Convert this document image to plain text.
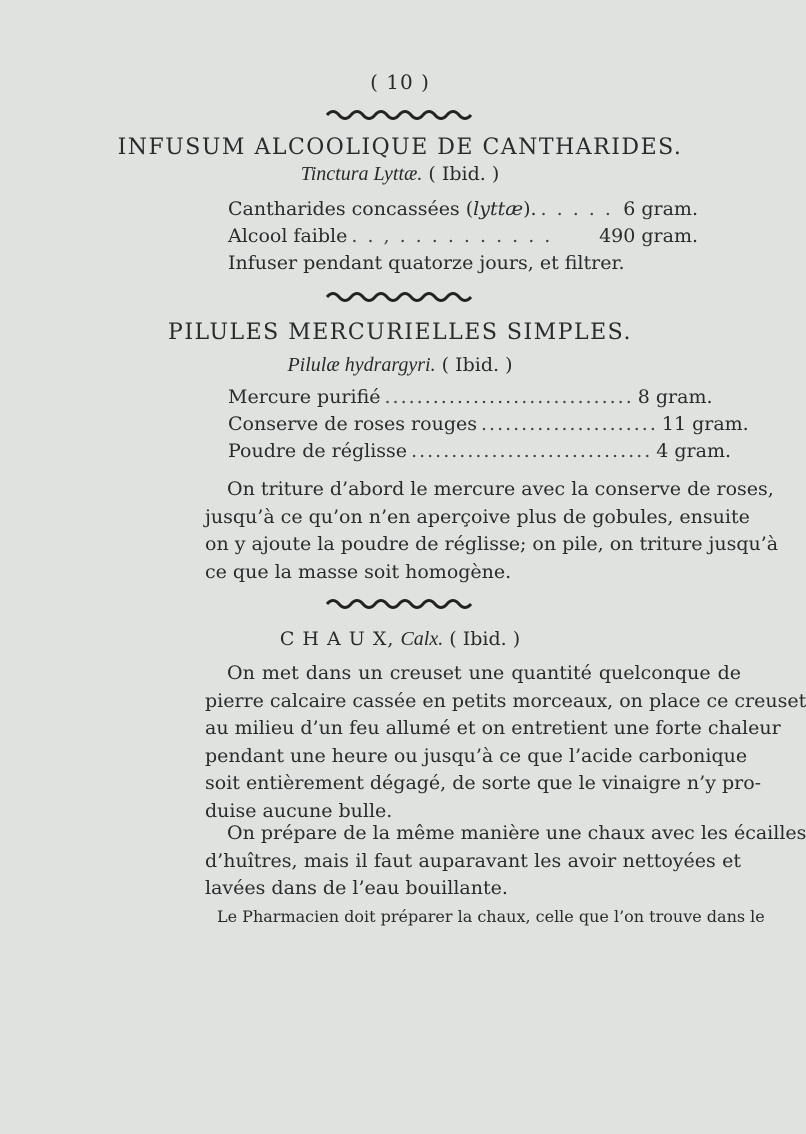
( 10 )
INFUSUM ALCOOLIQUE DE CANTHARIDES.
Tinctura Lyttæ. ( Ibid. )
Cantharides concassées (lyttæ). . . . . . 6 gram.
Alcool faible . . , . . . . . . . . . .	490 gram.
Infuser pendant quatorze jours, et filtrer.
PILULES MERCURIELLES SIMPLES.
Pilulæ hydrargyri. ( Ibid. )
Mercure purifié ............................... 8 gram.
Conserve de roses rouges ...................... 11 gram.
Poudre de réglisse .............................. 4 gram.
On triture d’abord le mercure avec la conserve de roses,
jusqu’à ce qu’on n’en aperçoive plus de gobules, ensuite
on y ajoute la poudre de réglisse; on pile, on triture jusqu’à
ce que la masse soit homogène.
C H A U X, Calx. ( Ibid. )
On met dans un creuset une quantité quelconque de
pierre calcaire cassée en petits morceaux, on place ce creuset
au milieu d’un feu allumé et on entretient une forte chaleur
pendant une heure ou jusqu’à ce que l’acide carbonique
soit entièrement dégagé, de sorte que le vinaigre n’y pro-
duise aucune bulle.
On prépare de la même manière une chaux avec les écailles
d’huîtres, mais il faut auparavant les avoir nettoyées et
lavées dans de l’eau bouillante.
Le Pharmacien doit préparer la chaux, celle que l’on trouve dans le
